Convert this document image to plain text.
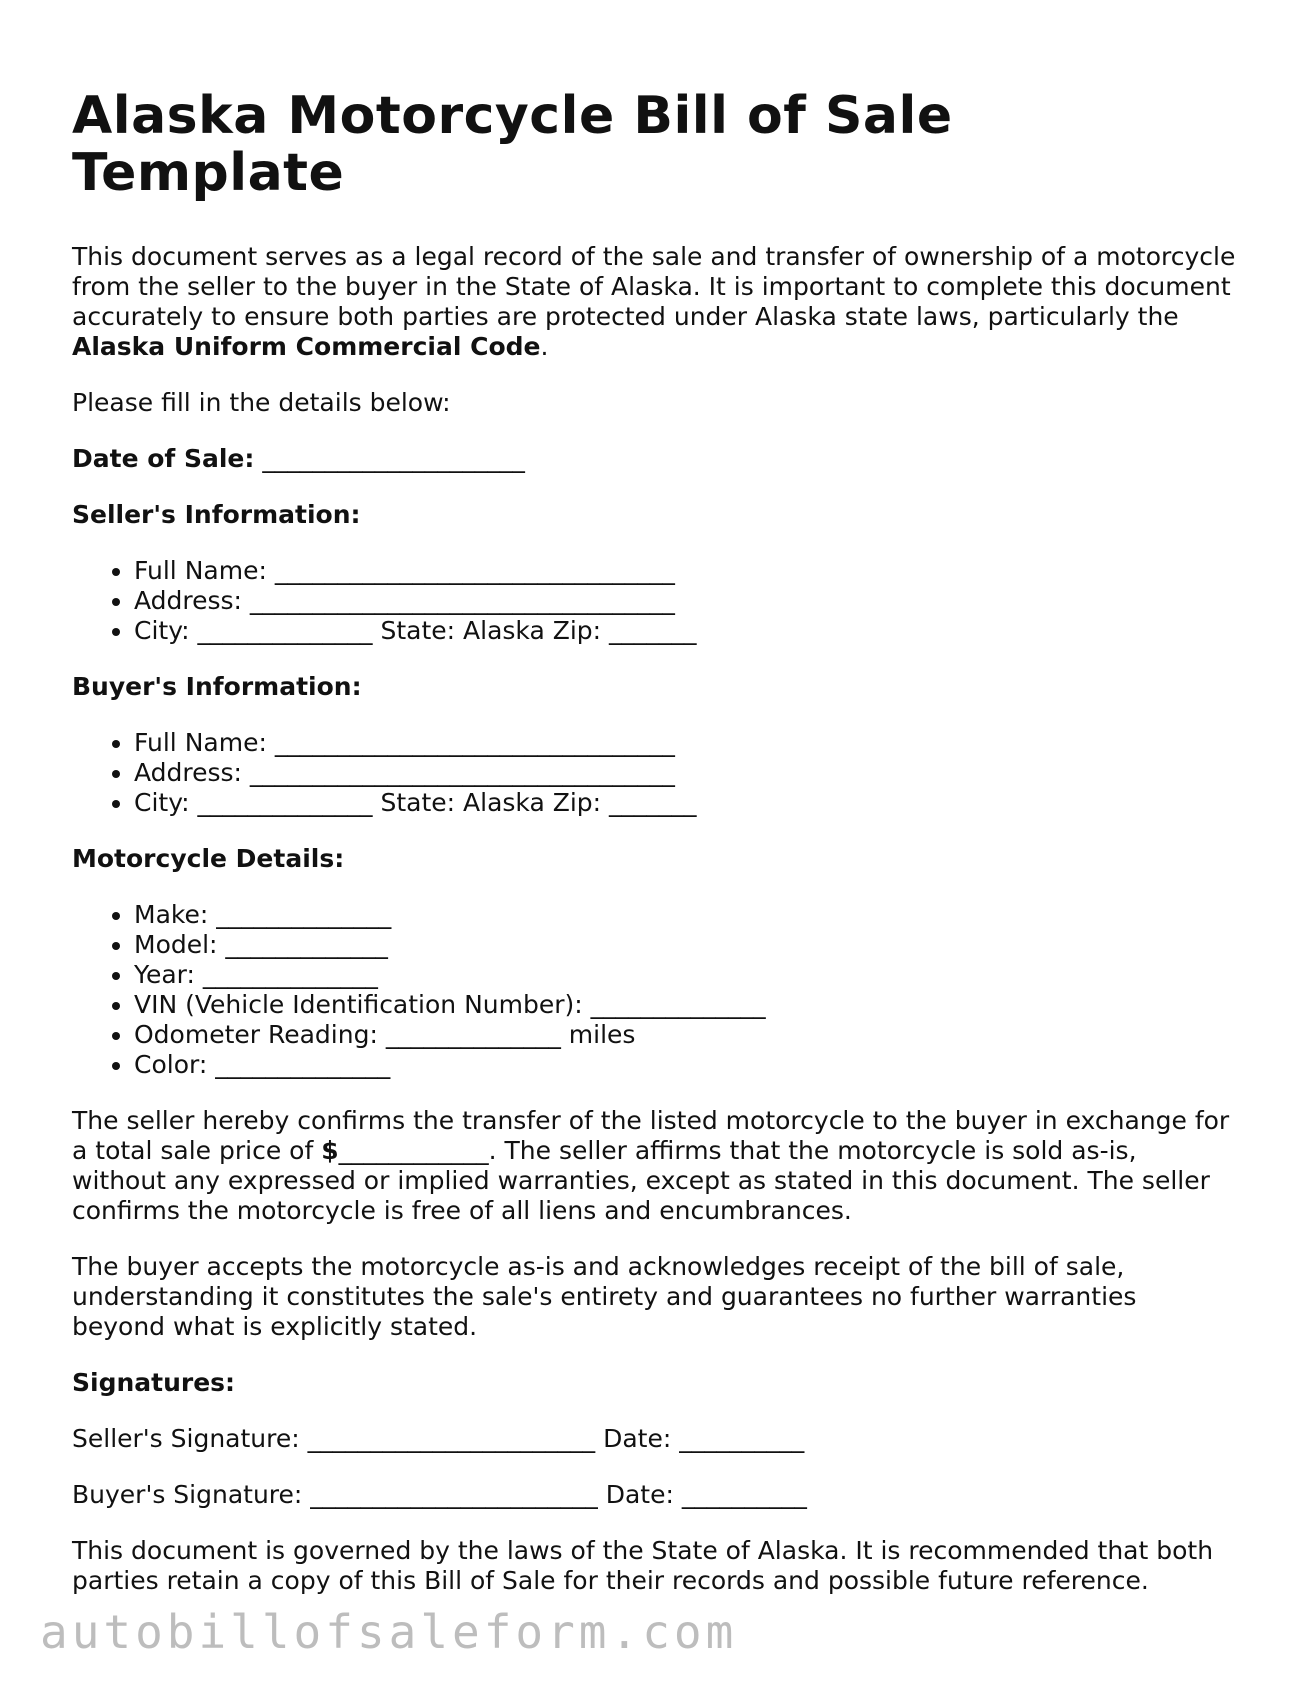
Alaska Motorcycle Bill of Sale Template

This document serves as a legal record of the sale and transfer of ownership of a motorcycle from the seller to the buyer in the State of Alaska. It is important to complete this document accurately to ensure both parties are protected under Alaska state laws, particularly the Alaska Uniform Commercial Code.

Please fill in the details below:

Date of Sale: _____________________

Seller's Information:
• Full Name: ________________________________
• Address: __________________________________
• City: ______________ State: Alaska Zip: _______
Buyer's Information:
• Full Name: ________________________________
• Address: __________________________________
• City: ______________ State: Alaska Zip: _______
Motorcycle Details:
• Make: ______________
• Model: _____________
• Year: ______________
• VIN (Vehicle Identification Number): ______________
• Odometer Reading: ______________ miles
• Color: ______________

The seller hereby confirms the transfer of the listed motorcycle to the buyer in exchange for a total sale price of $____________. The seller affirms that the motorcycle is sold as-is, without any expressed or implied warranties, except as stated in this document. The seller confirms the motorcycle is free of all liens and encumbrances.

The buyer accepts the motorcycle as-is and acknowledges receipt of the bill of sale, understanding it constitutes the sale's entirety and guarantees no further warranties beyond what is explicitly stated.

Signatures:

Seller's Signature: _______________________ Date: __________

Buyer's Signature: _______________________ Date: __________

This document is governed by the laws of the State of Alaska. It is recommended that both parties retain a copy of this Bill of Sale for their records and possible future reference.

autobillofsaleform.com
